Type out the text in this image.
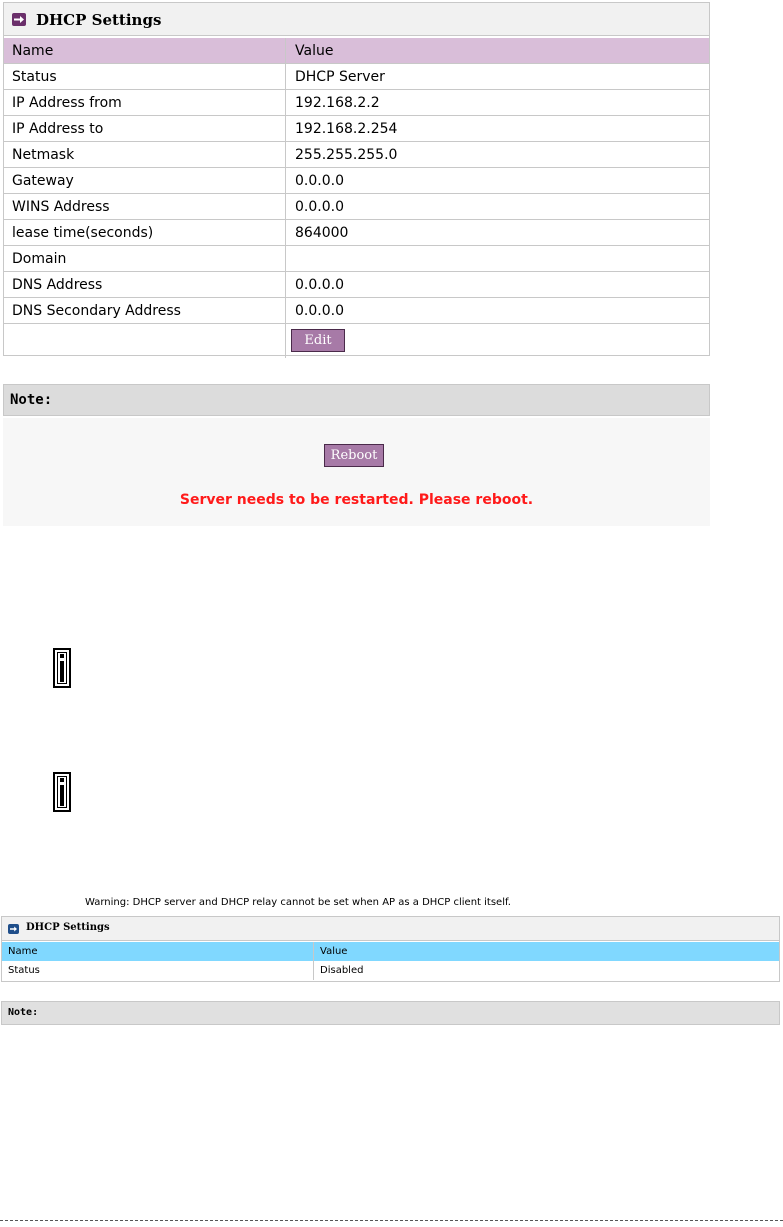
DHCP Settings
Name	Value
Status	DHCP Server
IP Address from	192.168.2.2
IP Address to	192.168.2.254
Netmask	255.255.255.0
Gateway	0.0.0.0
WINS Address	0.0.0.0
lease time(seconds)	864000
Domain
DNS Address	0.0.0.0
DNS Secondary Address	0.0.0.0
Edit
Note:
Reboot
Server needs to be restarted. Please reboot.
Warning: DHCP server and DHCP relay cannot be set when AP as a DHCP client itself.
DHCP Settings
Name	Value
Status	Disabled
Note:
